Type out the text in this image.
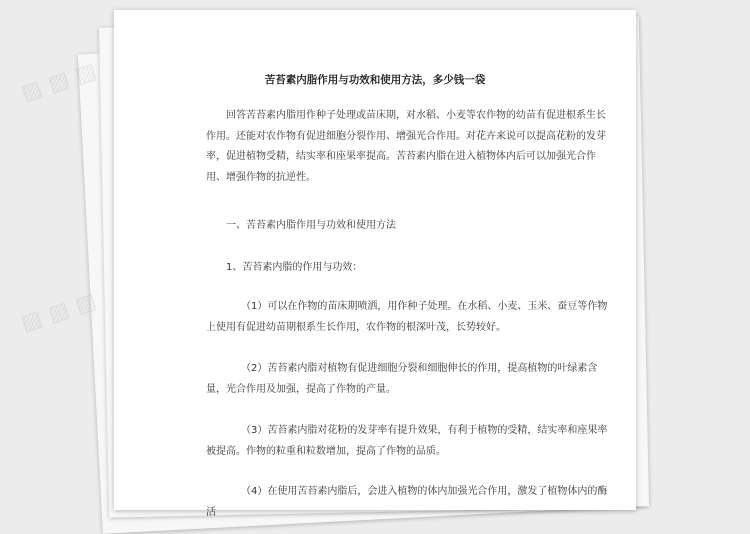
▨ ▨ ▨
▨ ▨ ▨
苦苔素内脂作用与功效和使用方法，多少钱一袋
回答苦苔素内脂用作种子处理或苗床期，对水稻、小麦等农作物的幼苗有促进根系生长作用。还能对农作物有促进细胞分裂作用、增强光合作用。对花卉来说可以提高花粉的发芽率，促进植物受精，结实率和座果率提高。苦苔素内脂在进入植物体内后可以加强光合作用、增强作物的抗逆性。
一、苦苔素内脂作用与功效和使用方法
1、苦苔素内脂的作用与功效：
（1）可以在作物的苗床期喷洒，用作种子处理。在水稻、小麦、玉米、蚕豆等作物上使用有促进幼苗期根系生长作用，农作物的根深叶茂，长势较好。
（2）苦苔素内脂对植物有促进细胞分裂和细胞伸长的作用，提高植物的叶绿素含量，光合作用及加强，提高了作物的产量。
（3）苦苔素内脂对花粉的发芽率有提升效果，有利于植物的受精，结实率和座果率被提高。作物的粒重和粒数增加，提高了作物的品质。
（4）在使用苦苔素内脂后，会进入植物的体内加强光合作用，激发了植物体内的酶活
